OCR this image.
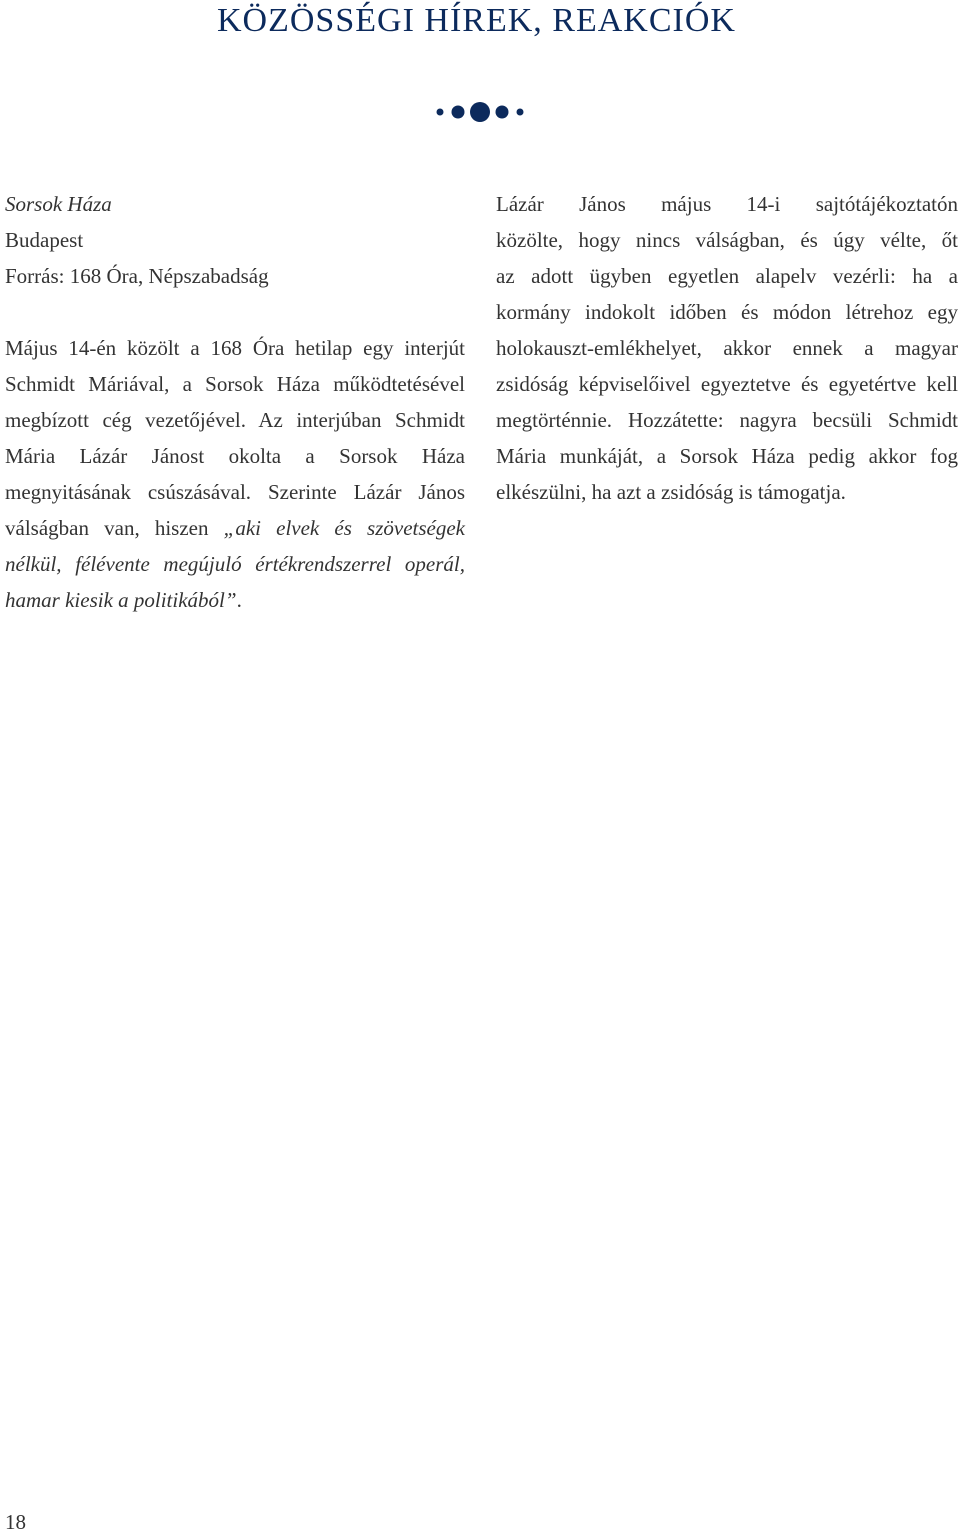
KÖZÖSSÉGI HÍREK, REAKCIÓK
Sorsok Háza
Budapest
Forrás: 168 Óra, Népszabadság
Május 14-én közölt a 168 Óra hetilap egy interjút
Schmidt Máriával, a Sorsok Háza működtetésével
megbízott cég vezetőjével. Az interjúban Schmidt
Mária Lázár Jánost okolta a Sorsok Háza
megnyitásának csúszásával. Szerinte Lázár János
válságban van, hiszen „aki elvek és szövetségek
nélkül, félévente megújuló értékrendszerrel operál,
hamar kiesik a politikából”.
Lázár János május 14-i sajtótájékoztatón
közölte, hogy nincs válságban, és úgy vélte, őt
az adott ügyben egyetlen alapelv vezérli: ha a
kormány indokolt időben és módon létrehoz egy
holokauszt-emlékhelyet, akkor ennek a magyar
zsidóság képviselőivel egyeztetve és egyetértve kell
megtörténnie. Hozzátette: nagyra becsüli Schmidt
Mária munkáját, a Sorsok Háza pedig akkor fog
elkészülni, ha azt a zsidóság is támogatja.
18
